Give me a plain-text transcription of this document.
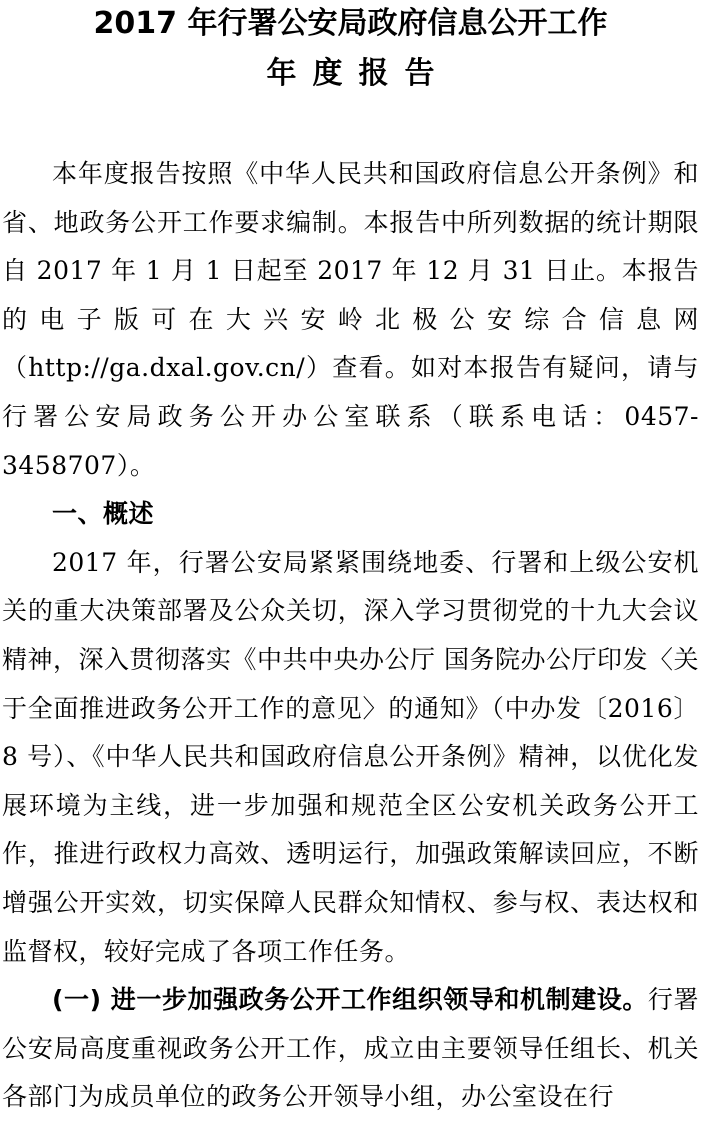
2017 年行署公安局政府信息公开工作
年度报告

本年度报告按照《中华人民共和国政府信息公开条例》和省、地政务公开工作要求编制。本报告中所列数据的统计期限自 2017 年 1 月 1 日起至 2017 年 12 月 31 日止。本报告的电子版可在大兴安岭北极公安综合信息网（http://ga.dxal.gov.cn/）查看。如对本报告有疑问，请与行署公安局政务公开办公室联系（联系电话：0457-3458707）。

一、概述

2017 年，行署公安局紧紧围绕地委、行署和上级公安机关的重大决策部署及公众关切，深入学习贯彻党的十九大会议精神，深入贯彻落实《中共中央办公厅 国务院办公厅印发〈关于全面推进政务公开工作的意见〉的通知》（中办发〔2016〕8 号）、《中华人民共和国政府信息公开条例》精神，以优化发展环境为主线，进一步加强和规范全区公安机关政务公开工作，推进行政权力高效、透明运行，加强政策解读回应，不断增强公开实效，切实保障人民群众知情权、参与权、表达权和监督权，较好完成了各项工作任务。

(一) 进一步加强政务公开工作组织领导和机制建设。行署公安局高度重视政务公开工作，成立由主要领导任组长、机关各部门为成员单位的政务公开领导小组，办公室设在行
